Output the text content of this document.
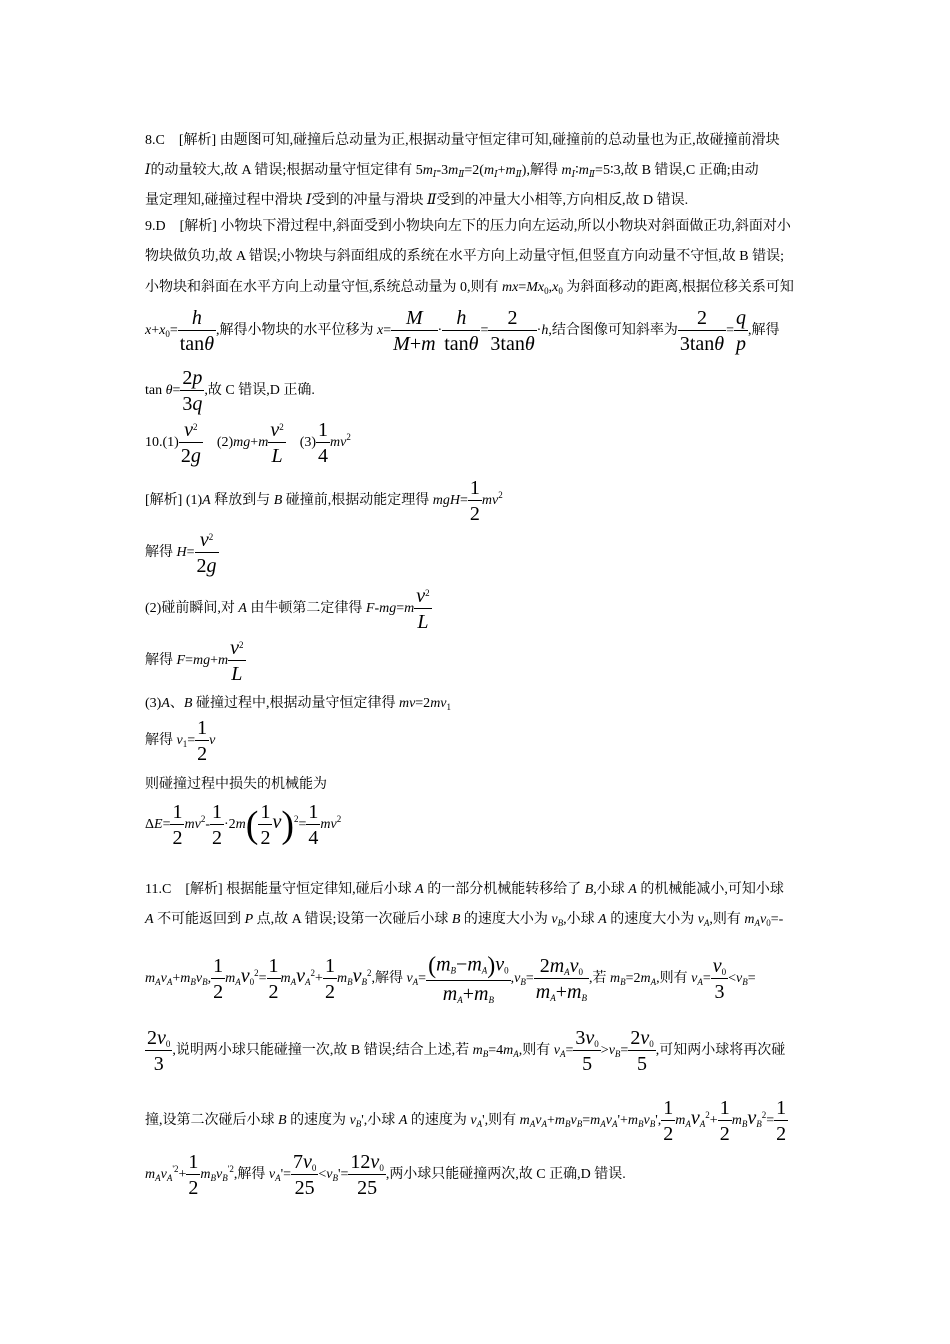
8.C　[解析] 由题图可知,碰撞后总动量为正,根据动量守恒定律可知,碰撞前的总动量也为正,故碰撞前滑块
Ⅰ的动量较大,故 A 错误;根据动量守恒定律有 $5m_Ⅰ-3m_Ⅱ=2(m_Ⅰ+m_Ⅱ)$,解得 $m_Ⅰ∶m_Ⅱ=5∶3$,故 B 错误,C 正确;由动
量定理知,碰撞过程中滑块 Ⅰ受到的冲量与滑块 Ⅱ受到的冲量大小相等,方向相反,故 D 错误.
9.D　[解析] 小物块下滑过程中,斜面受到小物块向左下的压力向左运动,所以小物块对斜面做正功,斜面对小
物块做负功,故 A 错误;小物块与斜面组成的系统在水平方向上动量守恒,但竖直方向动量不守恒,故 B 错误;
小物块和斜面在水平方向上动量守恒,系统总动量为 0,则有 $mx=Mx_0,x_0$ 为斜面移动的距离,根据位移关系可知
$x+x_0= \frac{h}{\tan\theta}$ ,解得小物块的水平位移为 $x= \frac{M}{M+m} \cdot \frac{h}{\tan\theta} = \frac{2}{3\tan\theta} \cdot h$,结合图像可知斜率为 $\frac{2}{3\tan\theta} = \frac{q}{p}$ ,解得
$\tan \theta= \frac{2p}{3q}$ ,故 C 错误,D 正确.
$10.(1) \frac{v^2}{2g}$ 　$(2)mg+m \frac{v^2}{L}$ 　$(3) \frac{1}{4} mv^2$
[解析] (1)A 释放到与 B 碰撞前,根据动能定理得 $mgH= \frac{1}{2} mv^2$
解得 $H= \frac{v^2}{2g}$
(2)碰前瞬间,对 A 由牛顿第二定律得 $F-mg=m \frac{v^2}{L}$
解得 $F=mg+m \frac{v^2}{L}$
(3)A、B 碰撞过程中,根据动量守恒定律得 $mv=2mv_1$
解得 $v_1= \frac{1}{2}$ v
则碰撞过程中损失的机械能为
$\Delta E= \frac{1}{2} mv^2- \frac{1}{2} \cdot 2m( \frac{1}{2} v)^2= \frac{1}{4} mv^2$
11.C　[解析] 根据能量守恒定律知,碰后小球 A 的一部分机械能转移给了 B,小球 A 的机械能减小,可知小球
A 不可能返回到 P 点,故 A 错误;设第一次碰后小球 B 的速度大小为 $v_B$,小球 A 的速度大小为 $v_A$,则有 $m_Av_0=-$
$m_Av_A+m_Bv_B$, $\frac{1}{2} m_Av_0^2= \frac{1}{2} m_Av_A^2+ \frac{1}{2} m_Bv_B^2$,解得 $v_A= \frac{(m_B-m_A)v_0}{m_A+m_B} ,v_B=$
$2m_Av_0$
$m_A+m_B$
,若 $m_B=2m_A$,则有 $v_A= \frac{v_0}{3} <v_B=$
$\frac{2v_0}{3}$ ,说明两小球只能碰撞一次,故 B 错误;结合上述,若 $m_B=4m_A$,则有 $v_A= \frac{3v_0}{5} >v_B= \frac{2v_0}{5}$ ,可知两小球将再次碰
撞,设第二次碰后小球 B 的速度为 $v_B'$,小球 A 的速度为 $v_A'$,则有 $m_Av_A+m_Bv_B=m_Av_A'+m_Bv_B'$, $\frac{1}{2} m_Av_A^2+ \frac{1}{2} m_Bv_B^2= \frac{1}{2}$
$m_Av_A^{'2}+ \frac{1}{2} m_Bv_B^{'2}$,解得 $v_A'= \frac{7v_0}{25} <v_B'= \frac{12v_0}{25}$ ,两小球只能碰撞两次,故 C 正确,D 错误.
